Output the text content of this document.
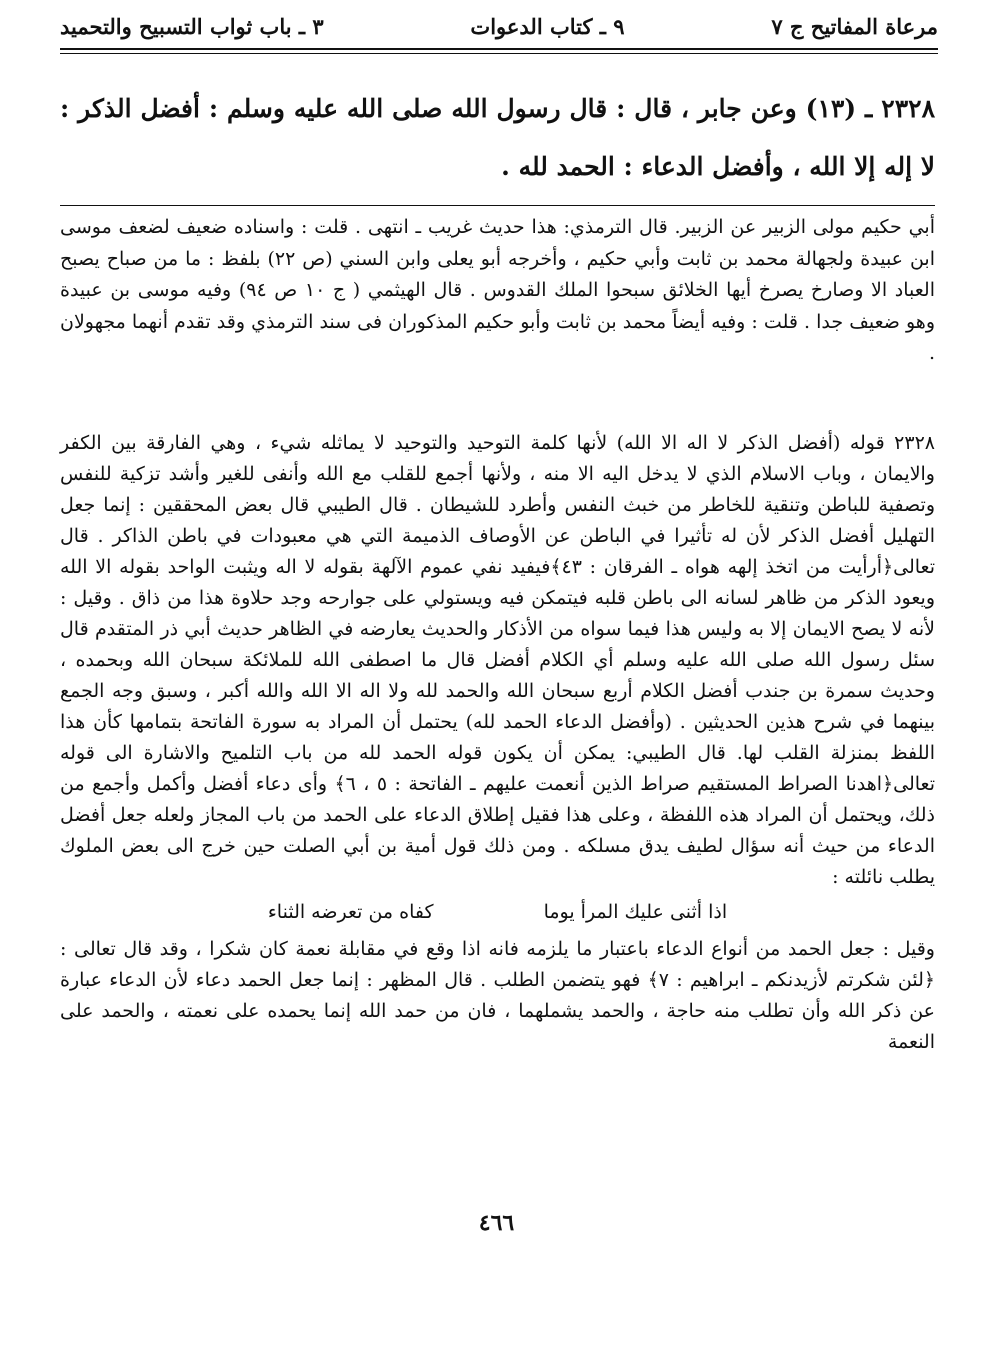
مرعاة المفاتيح ج ٧
٩ ـ كتاب الدعوات
٣ ـ باب ثواب التسبيح والتحميد
٢٣٢٨ ـ (١٣) وعن جابر ، قال : قال رسول الله صلى الله عليه وسلم : أفضل الذكر : لا إله إلا الله ، وأفضل الدعاء : الحمد لله .
أبي حكيم مولى الزبير عن الزبير. قال الترمذي: هذا حديث غريب ـ انتهى . قلت : واسناده ضعيف لضعف موسى ابن عبيدة ولجهالة محمد بن ثابت وأبي حكيم ، وأخرجه أبو يعلى وابن السني (ص ٢٢) بلفظ : ما من صباح يصبح العباد الا وصارخ يصرخ أيها الخلائق سبحوا الملك القدوس . قال الهيثمي ( ج ١٠ ص ٩٤) وفيه موسى بن عبيدة وهو ضعيف جدا . قلت : وفيه أيضاً محمد بن ثابت وأبو حكيم المذكوران فى سند الترمذي وقد تقدم أنهما مجهولان .

٢٣٢٨ قوله (أفضل الذكر لا اله الا الله) لأنها كلمة التوحيد والتوحيد لا يماثله شيء ، وهي الفارقة بين الكفر والايمان ، وباب الاسلام الذي لا يدخل اليه الا منه ، ولأنها أجمع للقلب مع الله وأنفى للغير وأشد تزكية للنفس وتصفية للباطن وتنقية للخاطر من خبث النفس وأطرد للشيطان . قال الطيبي قال بعض المحققين : إنما جعل التهليل أفضل الذكر لأن له تأثيرا في الباطن عن الأوصاف الذميمة التي هي معبودات في باطن الذاكر . قال تعالى﴿أرأيت من اتخذ إلهه هواه ـ الفرقان : ٤٣﴾فيفيد نفي عموم الآلهة بقوله لا اله ويثبت الواحد بقوله الا الله ويعود الذكر من ظاهر لسانه الى باطن قلبه فيتمكن فيه ويستولي على جوارحه وجد حلاوة هذا من ذاق . وقيل : لأنه لا يصح الايمان إلا به وليس هذا فيما سواه من الأذكار والحديث يعارضه في الظاهر حديث أبي ذر المتقدم قال سئل رسول الله صلى الله عليه وسلم أي الكلام أفضل قال ما اصطفى الله للملائكة سبحان الله وبحمده ، وحديث سمرة بن جندب أفضل الكلام أربع سبحان الله والحمد لله ولا اله الا الله والله أكبر ، وسبق وجه الجمع بينهما في شرح هذين الحديثين . (وأفضل الدعاء الحمد لله) يحتمل أن المراد به سورة الفاتحة بتمامها كأن هذا اللفظ بمنزلة القلب لها. قال الطيبي: يمكن أن يكون قوله الحمد لله من باب التلميح والاشارة الى قوله تعالى﴿اهدنا الصراط المستقيم صراط الذين أنعمت عليهم ـ الفاتحة : ٥ ، ٦﴾ وأى دعاء أفضل وأكمل وأجمع من ذلك، ويحتمل أن المراد هذه اللفظة ، وعلى هذا فقيل إطلاق الدعاء على الحمد من باب المجاز ولعله جعل أفضل الدعاء من حيث أنه سؤال لطيف يدق مسلكه . ومن ذلك قول أمية بن أبي الصلت حين خرج الى بعض الملوك يطلب نائلته :

اذا أثنى عليك المرأ يوما
كفاه من تعرضه الثناء

وقيل : جعل الحمد من أنواع الدعاء باعتبار ما يلزمه فانه اذا وقع في مقابلة نعمة كان شكرا ، وقد قال تعالى : ﴿لئن شكرتم لأزيدنكم ـ ابراهيم : ٧﴾ فهو يتضمن الطلب . قال المظهر : إنما جعل الحمد دعاء لأن الدعاء عبارة عن ذكر الله وأن تطلب منه حاجة ، والحمد يشملهما ، فان من حمد الله إنما يحمده على نعمته ، والحمد على النعمة

٤٦٦
